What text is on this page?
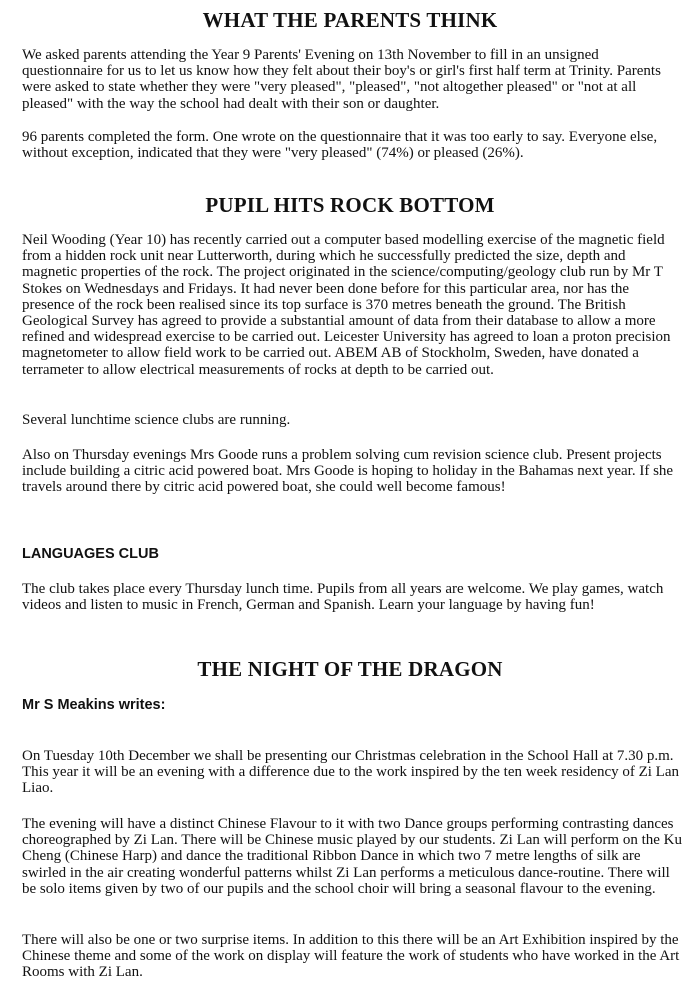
WHAT THE PARENTS THINK

We asked parents attending the Year 9 Parents' Evening on 13th November to fill in an unsigned questionnaire for us to let us know how they felt about their boy's or girl's first half term at Trinity. Parents were asked to state whether they were "very pleased", "pleased", "not altogether pleased" or "not at all pleased" with the way the school had dealt with their son or daughter.

96 parents completed the form. One wrote on the questionnaire that it was too early to say. Everyone else, without exception, indicated that they were "very pleased" (74%) or pleased (26%).

PUPIL HITS ROCK BOTTOM

Neil Wooding (Year 10) has recently carried out a computer based modelling exercise of the magnetic field from a hidden rock unit near Lutterworth, during which he successfully predicted the size, depth and magnetic properties of the rock. The project originated in the science/computing/geology club run by Mr T Stokes on Wednesdays and Fridays. It had never been done before for this particular area, nor has the presence of the rock been realised since its top surface is 370 metres beneath the ground. The British Geological Survey has agreed to provide a substantial amount of data from their database to allow a more refined and widespread exercise to be carried out. Leicester University has agreed to loan a proton precision magnetometer to allow field work to be carried out. ABEM AB of Stockholm, Sweden, have donated a terrameter to allow electrical measurements of rocks at depth to be carried out.

Several lunchtime science clubs are running.

Also on Thursday evenings Mrs Goode runs a problem solving cum revision science club. Present projects include building a citric acid powered boat. Mrs Goode is hoping to holiday in the Bahamas next year. If she travels around there by citric acid powered boat, she could well become famous!

LANGUAGES CLUB

The club takes place every Thursday lunch time. Pupils from all years are welcome. We play games, watch videos and listen to music in French, German and Spanish. Learn your language by having fun!

THE NIGHT OF THE DRAGON
Mr S Meakins writes:

On Tuesday 10th December we shall be presenting our Christmas celebration in the School Hall at 7.30 p.m. This year it will be an evening with a difference due to the work inspired by the ten week residency of Zi Lan Liao.

The evening will have a distinct Chinese Flavour to it with two Dance groups performing contrasting dances choreographed by Zi Lan. There will be Chinese music played by our students. Zi Lan will perform on the Ku Cheng (Chinese Harp) and dance the traditional Ribbon Dance in which two 7 metre lengths of silk are swirled in the air creating wonderful patterns whilst Zi Lan performs a meticulous dance-routine. There will be solo items given by two of our pupils and the school choir will bring a seasonal flavour to the evening.

There will also be one or two surprise items. In addition to this there will be an Art Exhibition inspired by the Chinese theme and some of the work on display will feature the work of students who have worked in the Art Rooms with Zi Lan.
